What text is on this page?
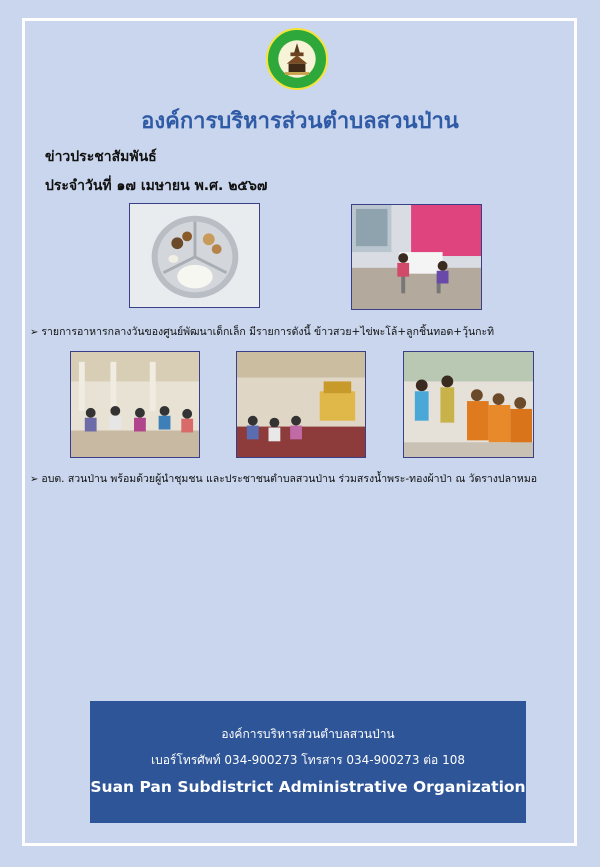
องค์การบริหารส่วนตำบลสวนป่าน

ข่าวประชาสัมพันธ์

ประจำวันที่ ๑๗ เมษายน พ.ศ. ๒๕๖๗

➢ รายการอาหารกลางวันของศูนย์พัฒนาเด็กเล็ก มีรายการดังนี้ ข้าวสวย+ไข่พะโล้+ลูกชิ้นทอด+วุ้นกะทิ

➢ อบต. สวนป่าน พร้อมด้วยผู้นำชุมชน และประชาชนตำบลสวนป่าน ร่วมสรงน้ำพระ-ทองผ้าป่า ณ วัดรางปลาหมอ

องค์การบริหารส่วนตำบลสวนป่าน
เบอร์โทรศัพท์ 034-900273 โทรสาร 034-900273 ต่อ 108
Suan Pan Subdistrict Administrative Organization
